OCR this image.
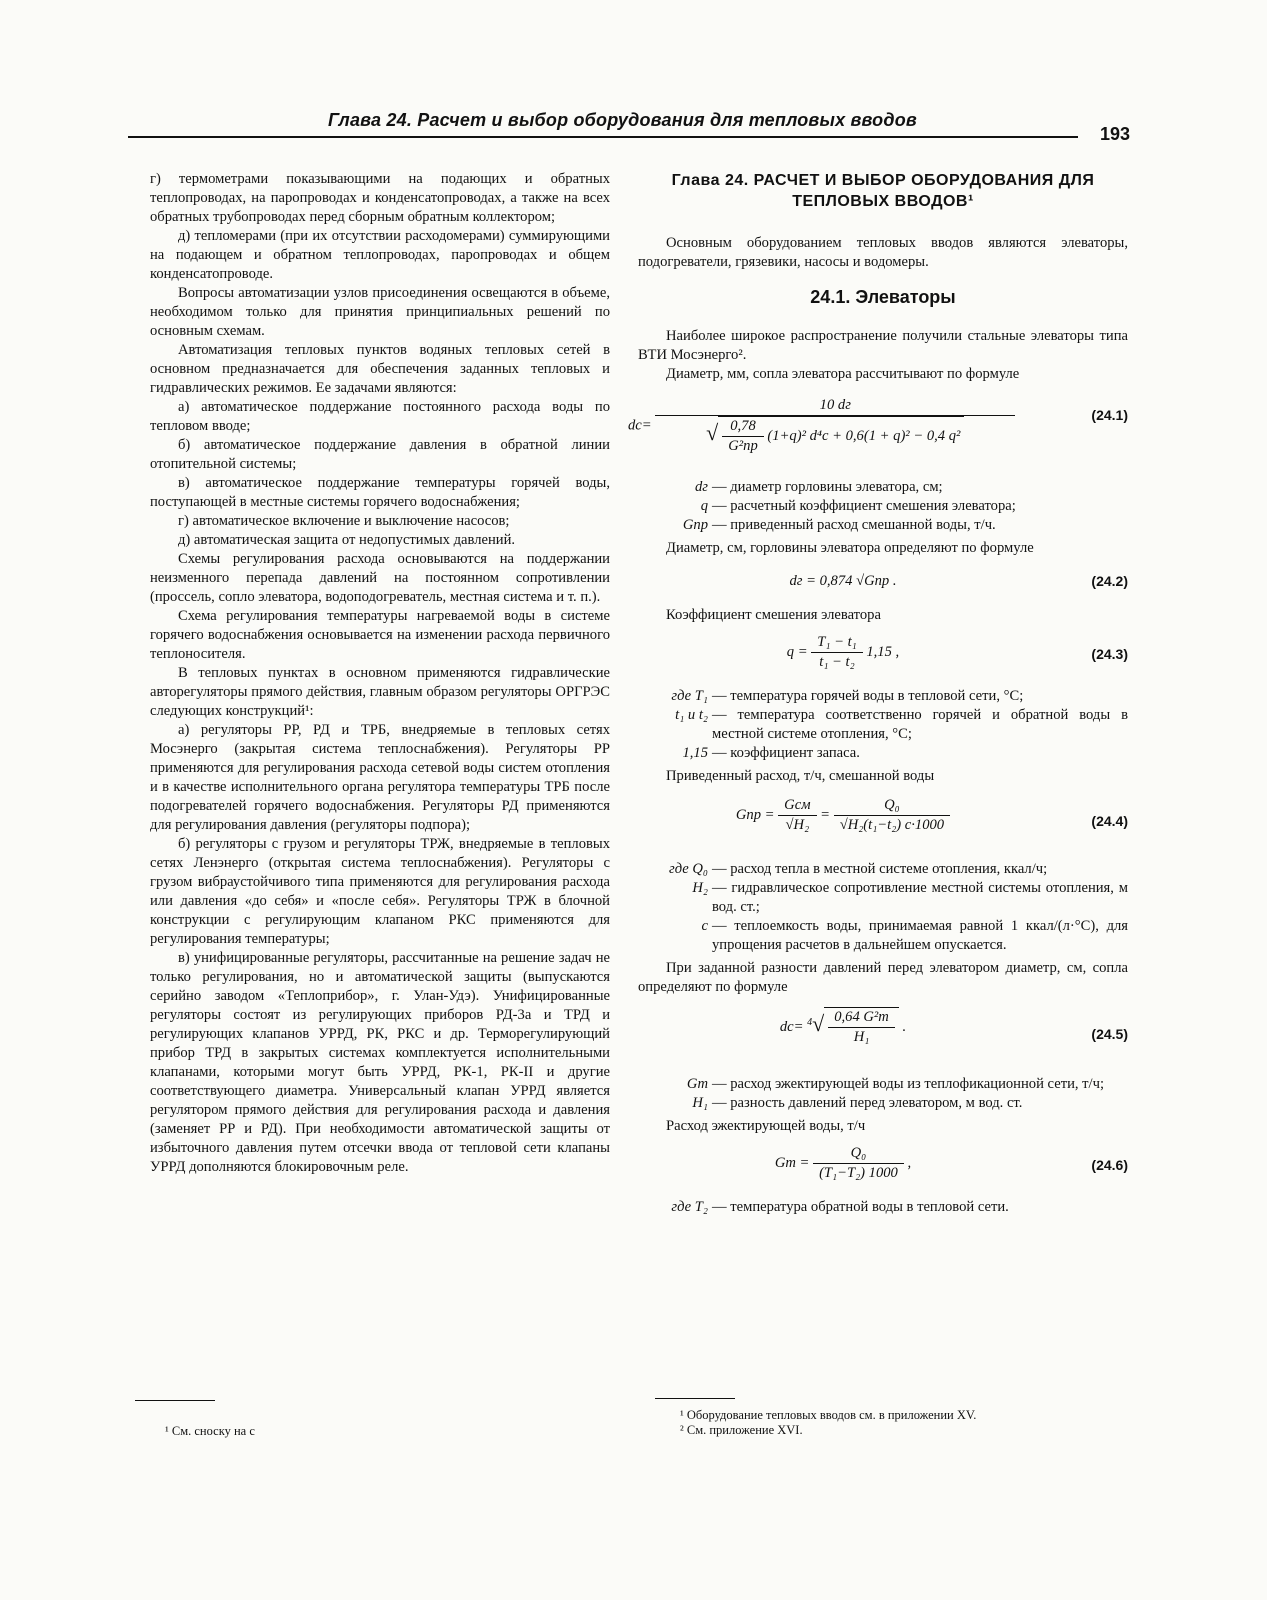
Глава 24. Расчет и выбор оборудования для тепловых вводов
193

г) термометрами показывающими на подающих и обратных теплопроводах, на паропроводах и конденсатопроводах, а также на всех обратных трубопроводах перед сборным обратным коллектором;

д) тепломерами (при их отсутствии расходомерами) суммирующими на подающем и обратном теплопроводах, паропроводах и общем конденсатопроводе.

Вопросы автоматизации узлов присоединения освещаются в объеме, необходимом только для принятия принципиальных решений по основным схемам.

Автоматизация тепловых пунктов водяных тепловых сетей в основном предназначается для обеспечения заданных тепловых и гидравлических режимов. Ее задачами являются:

а) автоматическое поддержание постоянного расхода воды по тепловом вводе;

б) автоматическое поддержание давления в обратной линии отопительной системы;

в) автоматическое поддержание температуры горячей воды, поступающей в местные системы горячего водоснабжения;

г) автоматическое включение и выключение насосов;

д) автоматическая защита от недопустимых давлений.

Схемы регулирования расхода основываются на поддержании неизменного перепада давлений на постоянном сопротивлении (проссель, сопло элеватора, водоподогреватель, местная система и т. п.).

Схема регулирования температуры нагреваемой воды в системе горячего водоснабжения основывается на изменении расхода первичного теплоносителя.

В тепловых пунктах в основном применяются гидравлические авторегуляторы прямого действия, главным образом регуляторы ОРГРЭС следующих конструкций¹:

а) регуляторы РР, РД и ТРБ, внедряемые в тепловых сетях Мосэнерго (закрытая система теплоснабжения). Регуляторы РР применяются для регулирования расхода сетевой воды систем отопления и в качестве исполнительного органа регулятора температуры ТРБ после подогревателей горячего водоснабжения. Регуляторы РД применяются для регулирования давления (регуляторы подпора);

б) регуляторы с грузом и регуляторы ТРЖ, внедряемые в тепловых сетях Ленэнерго (открытая система теплоснабжения). Регуляторы с грузом вибраустойчивого типа применяются для регулирования расхода или давления «до себя» и «после себя». Регуляторы ТРЖ в блочной конструкции с регулирующим клапаном РКС применяются для регулирования температуры;

в) унифицированные регуляторы, рассчитанные на решение задач не только регулирования, но и автоматической защиты (выпускаются серийно заводом «Теплоприбор», г. Улан-Удэ). Унифицированные регуляторы состоят из регулирующих приборов РД-3а и ТРД и регулирующих клапанов УРРД, РК, РКС и др. Терморегулирующий прибор ТРД в закрытых системах комплектуется исполнительными клапанами, которыми могут быть УРРД, РК-1, РК-II и другие соответствующего диаметра. Универсальный клапан УРРД является регулятором прямого действия для регулирования расхода и давления (заменяет РР и РД). При необходимости автоматической защиты от избыточного давления путем отсечки ввода от тепловой сети клапаны УРРД дополняются блокировочным реле.

¹ См. сноску на с
Глава 24. РАСЧЕТ И ВЫБОР ОБОРУДОВАНИЯ ДЛЯ ТЕПЛОВЫХ ВВОДОВ¹

Основным оборудованием тепловых вводов являются элеваторы, подогреватели, грязевики, насосы и водомеры.

24.1. Элеваторы

Наиболее широкое распространение получили стальные элеваторы типа ВТИ Мосэнерго².

Диаметр, мм, сопла элеватора рассчитывают по формуле

$dс= \frac{10 dг}{√ \frac{0,78}{\text{G²пр}} (1+q)^2 d^4с + 0,6(1 + q)^2 - 0,4 q^2}$	(24.1)
dг — диаметр горловины элеватора, см;
q — расчетный коэффициент смешения элеватора;
Gпр — приведенный расход смешанной воды, т/ч.

Диаметр, см, горловины элеватора определяют по формуле

dг = 0,874 √Gпр .	(24.2)

Коэффициент смешения элеватора

$q = \frac{\text{T₁ − t₁}}{\text{t₁ − t₂}} 1,15$ ,	(24.3)
где T₁ — температура горячей воды в тепловой сети, °С;
t₁ и t₂ — температура соответственно горячей и обратной воды в местной системе отопления, °С;
1,15 — коэффициент запаса.

Приведенный расход, т/ч, смешанной воды

Gпр = $\frac{\text{Gсм}}{\text{√H₂}} = \frac{\text{Q₀}}{\text{√H₂(t₁−t₂) c·1000}}$	(24.4)
где Q₀ — расход тепла в местной системе отопления, ккал/ч;
H₂ — гидравлическое сопротивление местной системы отопления, м вод. ст.;
c — теплоемкость воды, принимаемая равной 1 ккал/(л·°С), для упрощения расчетов в дальнейшем опускается.

При заданной разности давлений перед элеватором диаметр, см, сопла определяют по формуле

$dс= ^4√ \frac{\text{0,64 G²т}}{\text{H₁}}$ .	(24.5)
Gт — расход эжектирующей воды из теплофикационной сети, т/ч;
H₁ — разность давлений перед элеватором, м вод. ст.

Расход эжектирующей воды, т/ч

Gт = $\frac{\text{Q₀}}{\text{(T₁−T₂) 1000}}$ ,	(24.6)
где T₂ — температура обратной воды в тепловой сети.
¹ Оборудование тепловых вводов см. в приложении XV.
² См. приложение XVI.
